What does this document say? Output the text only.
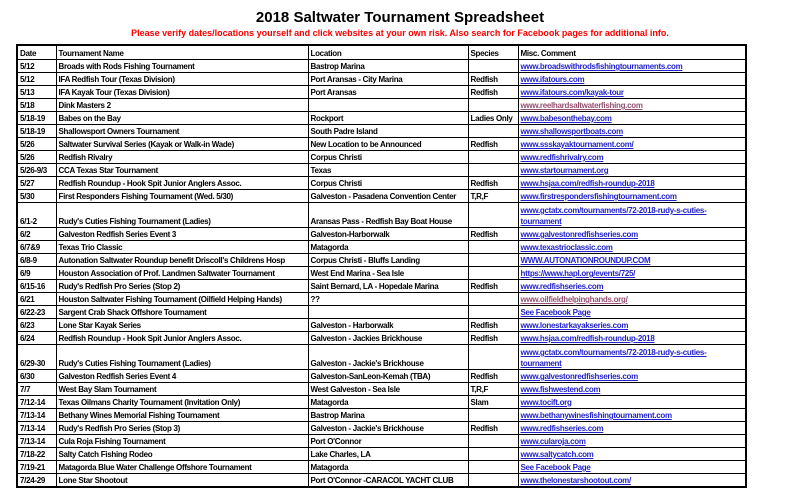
2018 Saltwater Tournament Spreadsheet
Please verify dates/locations yourself and click websites at your own risk. Also search for Facebook pages for additional info.
Date	Tournament Name	Location	Species	Misc. Comment
5/12	Broads with Rods Fishing Tournament	Bastrop Marina		www.broadswithrodsfishingtournaments.com
5/12	IFA Redfish Tour (Texas Division)	Port Aransas - City Marina	Redfish	www.ifatours.com
5/13	IFA Kayak Tour (Texas Division)	Port Aransas	Redfish	www.ifatours.com/kayak-tour
5/18	Dink Masters 2			www.reelhardsaltwaterfishing.com
5/18-19	Babes on the Bay	Rockport	Ladies Only	www.babesonthebay.com
5/18-19	Shallowsport Owners Tournament	South Padre Island		www.shallowsportboats.com
5/26	Saltwater Survival Series (Kayak or Walk-in Wade)	New Location to be Announced	Redfish	www.ssskayaktournament.com/
5/26	Redfish Rivalry	Corpus Christi		www.redfishrivalry.com
5/26-9/3	CCA Texas Star Tournament	Texas		www.startournament.org
5/27	Redfish Roundup - Hook Spit Junior Anglers Assoc.	Corpus Christi	Redfish	www.hsjaa.com/redfish-roundup-2018
5/30	First Responders Fishing Tournament (Wed. 5/30)	Galveston - Pasadena Convention Center	T,R,F	www.firstrespondersfishingtournament.com
6/1-2	Rudy's Cuties Fishing Tournament (Ladies)	Aransas Pass - Redfish Bay Boat House		www.gctatx.com/tournaments/72-2018-rudy-s-cuties-tournament
6/2	Galveston Redfish Series Event 3	Galveston-Harborwalk	Redfish	www.galvestonredfishseries.com
6/7&9	Texas Trio Classic	Matagorda		www.texastrioclassic.com
6/8-9	Autonation Saltwater Roundup benefit Driscoll's Childrens Hosp	Corpus Christi - Bluffs Landing		WWW.AUTONATIONROUNDUP.COM
6/9	Houston Association of Prof. Landmen Saltwater Tournament	West End Marina - Sea Isle		https://www.hapl.org/events/725/
6/15-16	Rudy's Redfish Pro Series (Stop 2)	Saint Bernard, LA - Hopedale Marina	Redfish	www.redfishseries.com
6/21	Houston Saltwater Fishing Tournament (Oilfield Helping Hands)	??		www.oilfieldhelpinghands.org/
6/22-23	Sargent Crab Shack Offshore Tournament			See Facebook Page
6/23	Lone Star Kayak Series	Galveston - Harborwalk	Redfish	www.lonestarkayakseries.com
6/24	Redfish Roundup - Hook Spit Junior Anglers Assoc.	Galveston - Jackies Brickhouse	Redfish	www.hsjaa.com/redfish-roundup-2018
6/29-30	Rudy's Cuties Fishing Tournament (Ladies)	Galveston - Jackie's Brickhouse		www.gctatx.com/tournaments/72-2018-rudy-s-cuties-tournament
6/30	Galveston Redfish Series Event 4	Galveston-SanLeon-Kemah (TBA)	Redfish	www.galvestonredfishseries.com
7/7	West Bay Slam Tournament	West Galveston - Sea Isle	T,R,F	www.fishwestend.com
7/12-14	Texas Oilmans Charity Tournament (Invitation Only)	Matagorda	Slam	www.tocift.org
7/13-14	Bethany Wines Memorial Fishing Tournament	Bastrop Marina		www.bethanywinesfishingtournament.com
7/13-14	Rudy's Redfish Pro Series (Stop 3)	Galveston - Jackie's Brickhouse	Redfish	www.redfishseries.com
7/13-14	Cula Roja Fishing Tournament	Port O'Connor		www.cularoja.com
7/18-22	Salty Catch Fishing Rodeo	Lake Charles, LA		www.saltycatch.com
7/19-21	Matagorda Blue Water Challenge Offshore Tournament	Matagorda		See Facebook Page
7/24-29	Lone Star Shootout	Port O'Connor -CARACOL YACHT CLUB		www.thelonestarshootout.com/
